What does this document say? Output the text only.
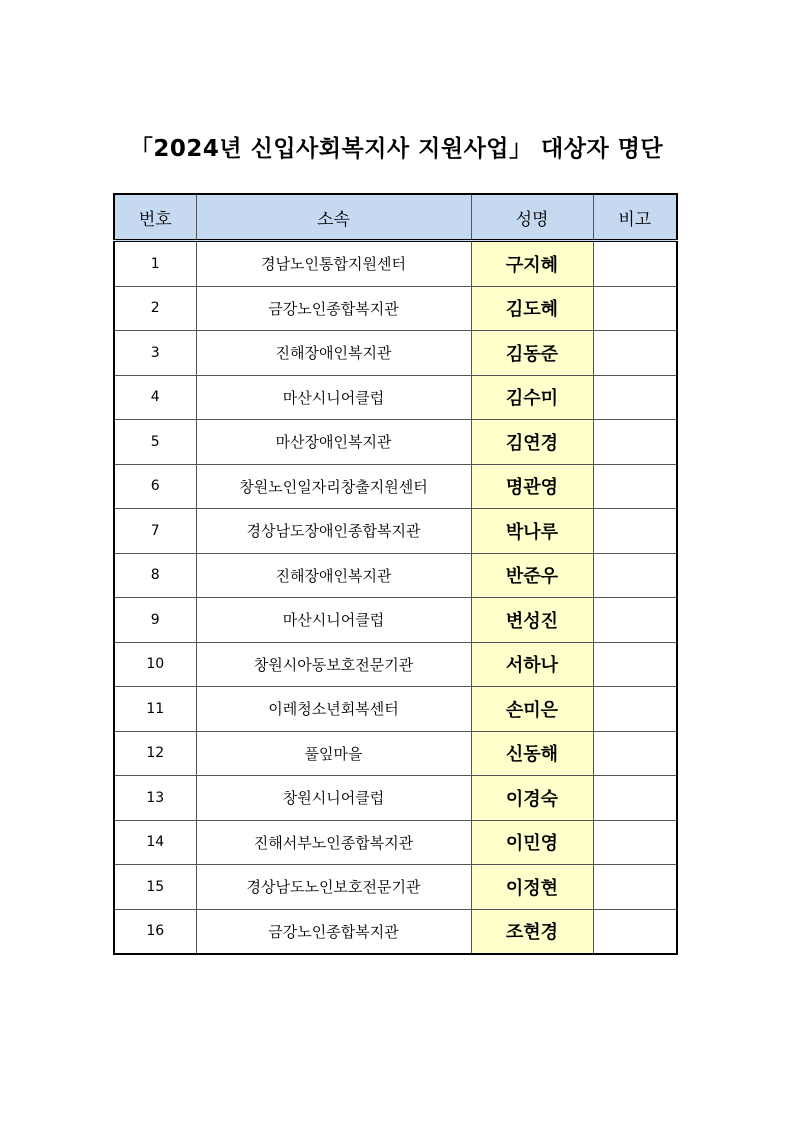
「2024년 신입사회복지사 지원사업」 대상자 명단
번호	소속	성명	비고
1	경남노인통합지원센터	구지혜	
2	금강노인종합복지관	김도혜	
3	진해장애인복지관	김동준	
4	마산시니어클럽	김수미	
5	마산장애인복지관	김연경	
6	창원노인일자리창출지원센터	명관영	
7	경상남도장애인종합복지관	박나루	
8	진해장애인복지관	반준우	
9	마산시니어클럽	변성진	
10	창원시아동보호전문기관	서하나	
11	이레청소년회복센터	손미은	
12	풀잎마을	신동해	
13	창원시니어클럽	이경숙	
14	진해서부노인종합복지관	이민영	
15	경상남도노인보호전문기관	이정현	
16	금강노인종합복지관	조현경	
